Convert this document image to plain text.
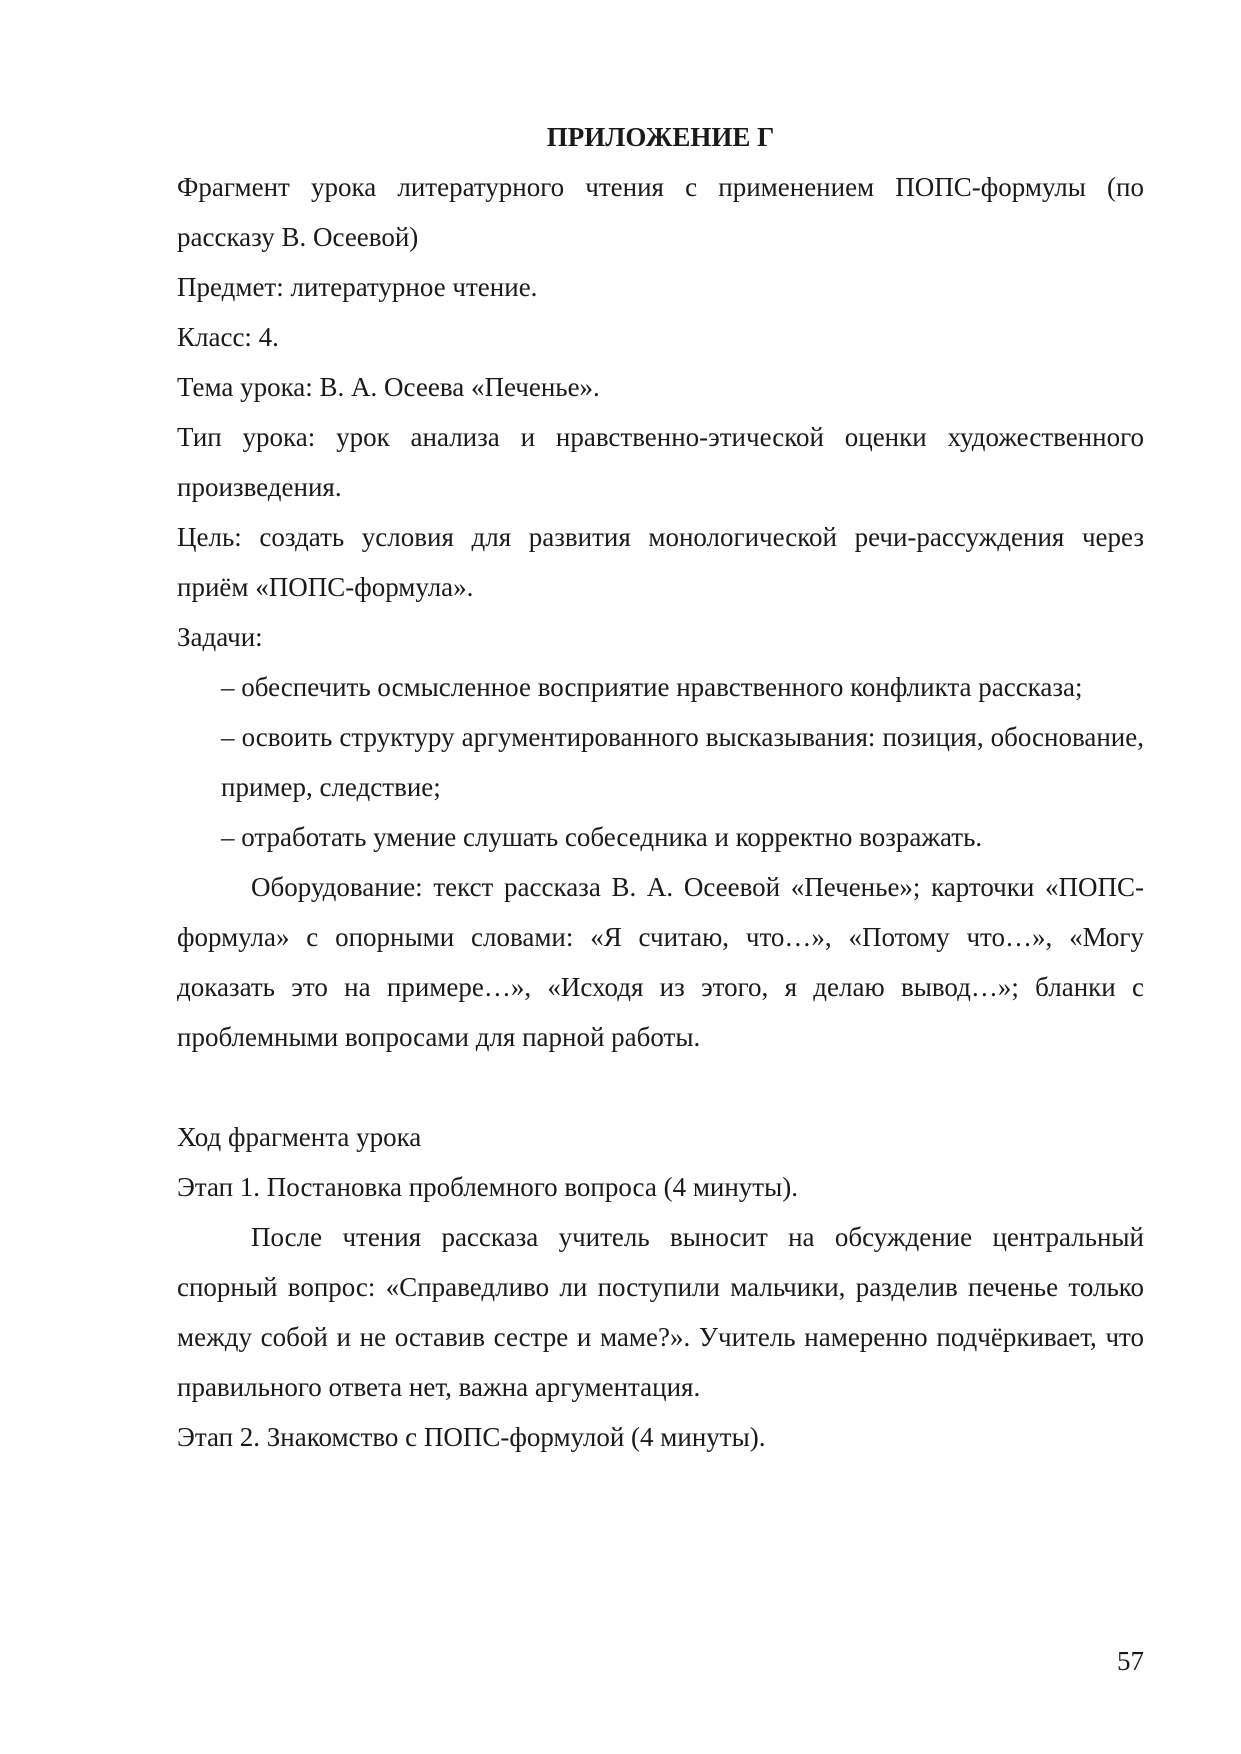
ПРИЛОЖЕНИЕ Г

Фрагмент урока литературного чтения с применением ПОПС-формулы (по рассказу В. Осеевой)

Предмет: литературное чтение.

Класс: 4.

Тема урока: В. А. Осеева «Печенье».

Тип урока: урок анализа и нравственно-этической оценки художественного произведения.

Цель: создать условия для развития монологической речи-рассуждения через приём «ПОПС-формула».

Задачи:

– обеспечить осмысленное восприятие нравственного конфликта рассказа;

– освоить структуру аргументированного высказывания: позиция, обоснование, пример, следствие;

– отработать умение слушать собеседника и корректно возражать.

Оборудование: текст рассказа В. А. Осеевой «Печенье»; карточки «ПОПС-формула» с опорными словами: «Я считаю, что…», «Потому что…», «Могу доказать это на примере…», «Исходя из этого, я делаю вывод…»; бланки с проблемными вопросами для парной работы.

Ход фрагмента урока

Этап 1. Постановка проблемного вопроса (4 минуты).

После чтения рассказа учитель выносит на обсуждение центральный спорный вопрос: «Справедливо ли поступили мальчики, разделив печенье только между собой и не оставив сестре и маме?». Учитель намеренно подчёркивает, что правильного ответа нет, важна аргументация.

Этап 2. Знакомство с ПОПС-формулой (4 минуты).

57
